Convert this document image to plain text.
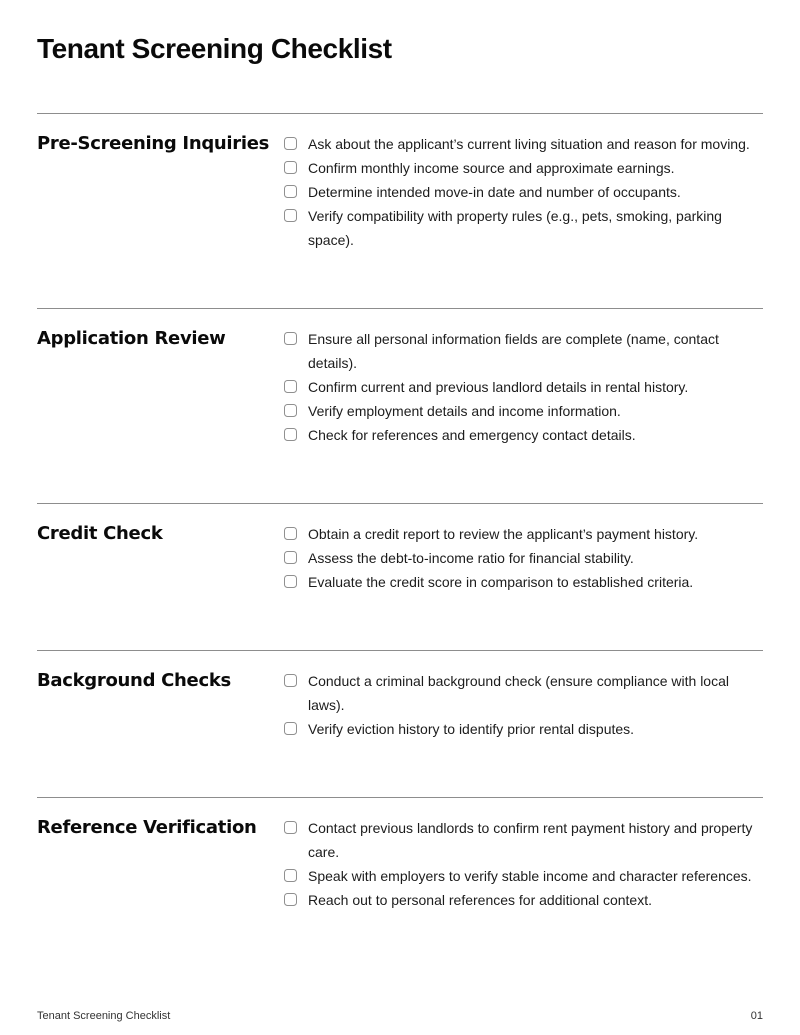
Tenant Screening Checklist
Pre-Screening Inquiries	Ask about the applicant’s current living situation and reason for moving.
Confirm monthly income source and approximate earnings.
Determine intended move-in date and number of occupants.
Verify compatibility with property rules (e.g., pets, smoking, parking space).
Application Review	Ensure all personal information fields are complete (name, contact details).
Confirm current and previous landlord details in rental history.
Verify employment details and income information.
Check for references and emergency contact details.
Credit Check	Obtain a credit report to review the applicant’s payment history.
Assess the debt-to-income ratio for financial stability.
Evaluate the credit score in comparison to established criteria.
Background Checks	Conduct a criminal background check (ensure compliance with local laws).
Verify eviction history to identify prior rental disputes.
Reference Verification	Contact previous landlords to confirm rent payment history and property care.
Speak with employers to verify stable income and character references.
Reach out to personal references for additional context.
Tenant Screening Checklist	01
